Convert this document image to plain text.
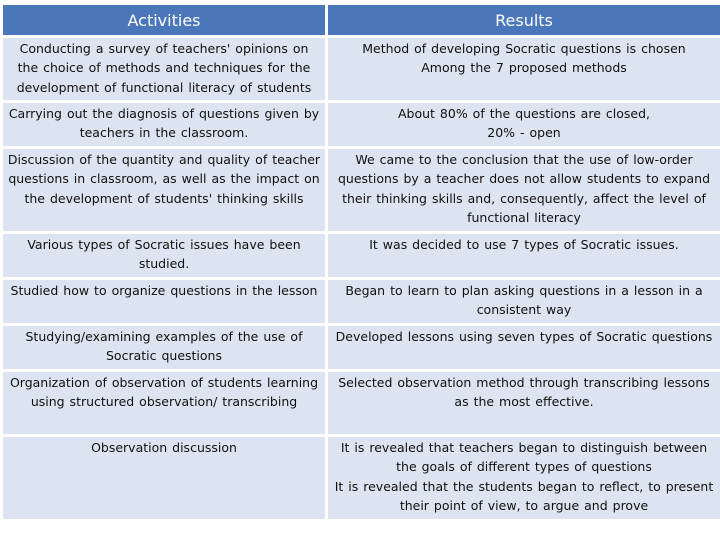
Activities	Results
Conducting a survey of teachers' opinions on the choice of methods and techniques for the development of functional literacy of students	Method of developing Socratic questions is chosen
Among the 7 proposed methods

Carrying out the diagnosis of questions given by teachers in the classroom.	About 80% of the questions are closed,
20% - open

Discussion of the quantity and quality of teacher questions in classroom, as well as the impact on the development of students' thinking skills	We came to the conclusion that the use of low-order questions by a teacher does not allow students to expand their thinking skills and, consequently, affect the level of functional literacy

Various types of Socratic issues have been studied.	It was decided to use 7 types of Socratic issues.

Studied how to organize questions in the lesson	Began to learn to plan asking questions in a lesson in a consistent way

Studying/examining examples of the use of Socratic questions	Developed lessons using seven types of Socratic questions

Organization of observation of students learning using structured observation/ transcribing	Selected observation method through transcribing lessons as the most effective.

Observation discussion	It is revealed that teachers began to distinguish between the goals of different types of questions
It is revealed that the students began to reflect, to present their point of view, to argue and prove
